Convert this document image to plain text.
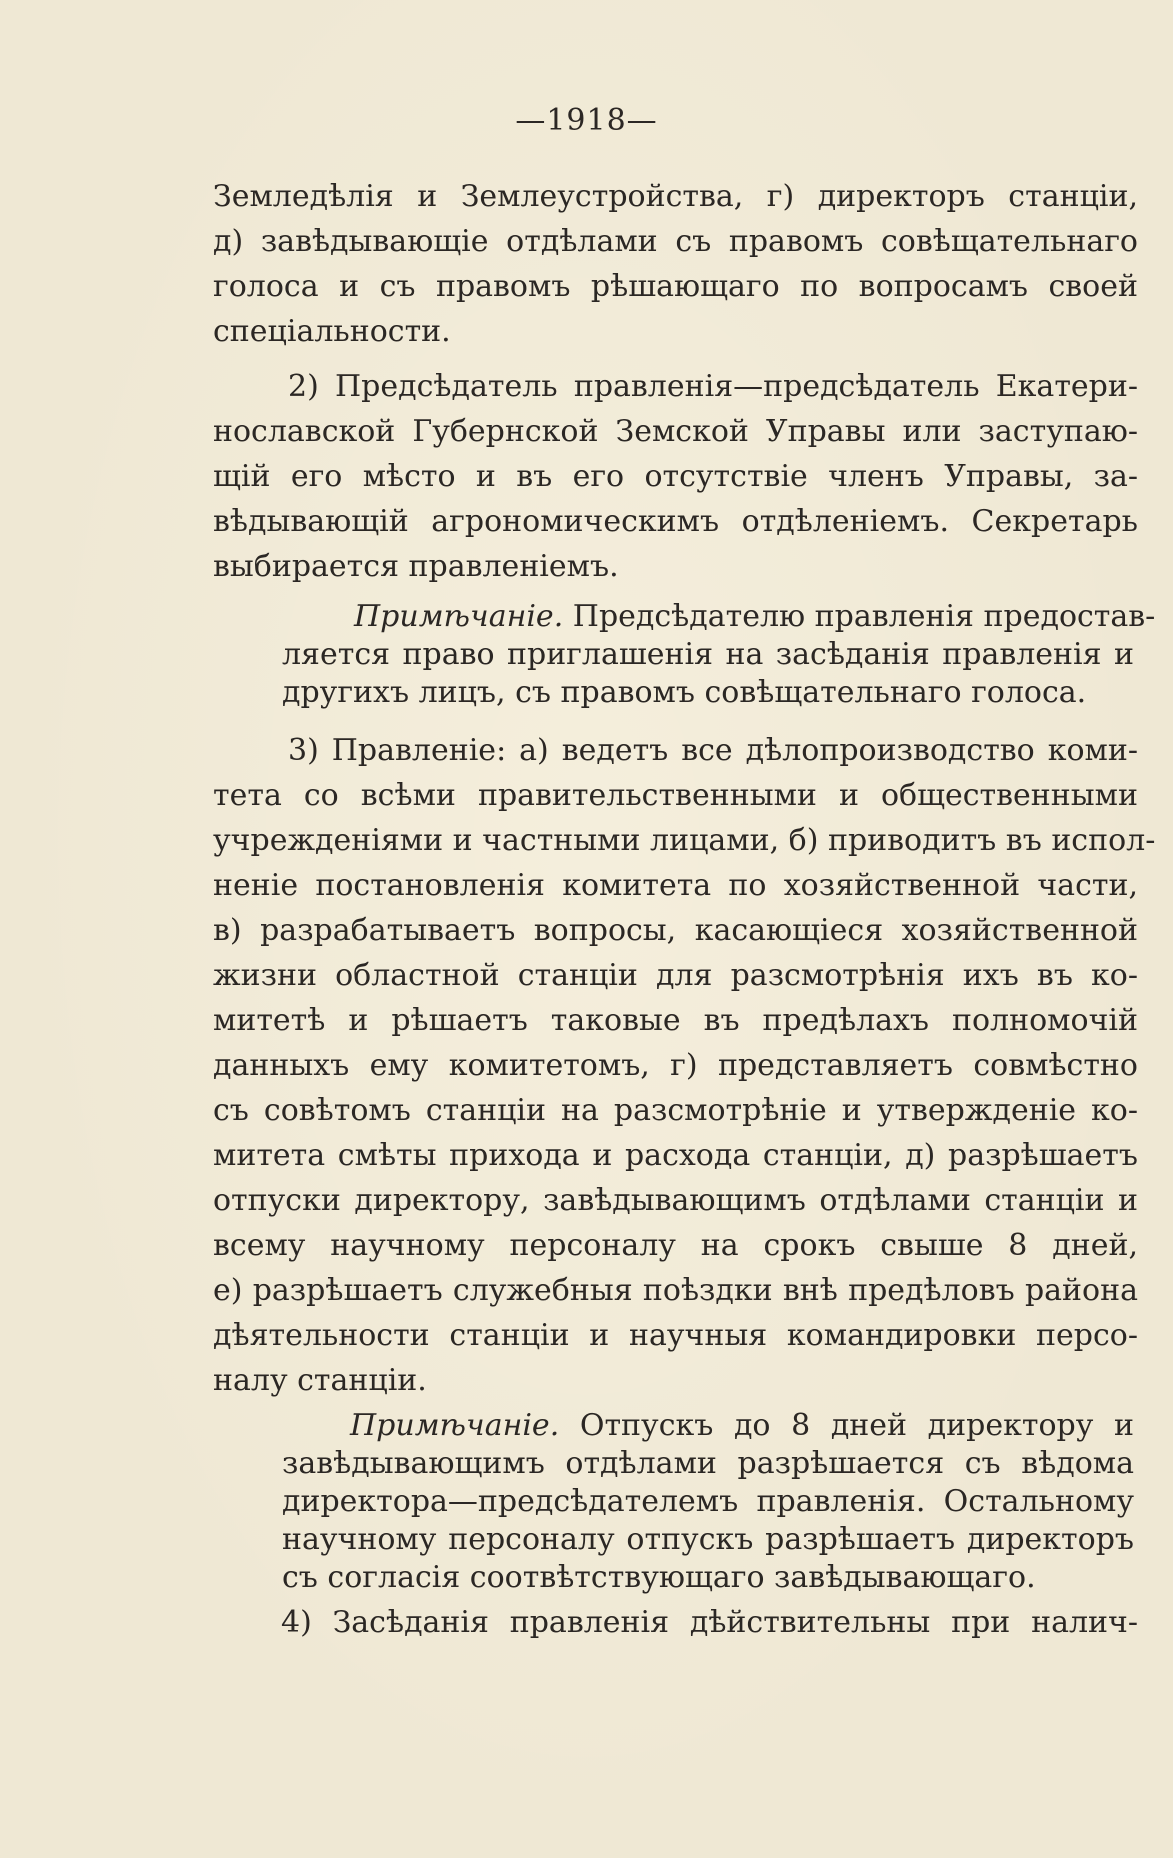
—1918—
Земледѣлія и Землеустройства, г) директоръ станціи,
д) завѣдывающіе отдѣлами съ правомъ совѣщательнаго
голоса и съ правомъ рѣшающаго по вопросамъ своей
спеціальности.
2) Предсѣдатель правленія—предсѣдатель Екатери-
нославской Губернской Земской Управы или заступаю-
щій его мѣсто и въ его отсутствіе членъ Управы, за-
вѣдывающій агрономическимъ отдѣленіемъ. Секретарь
выбирается правленіемъ.
Примѣчаніе. Предсѣдателю правленія предостав-
ляется право приглашенія на засѣданія правленія и
другихъ лицъ, съ правомъ совѣщательнаго голоса.
3) Правленіе: а) ведетъ все дѣлопроизводство коми-
тета со всѣми правительственными и общественными
учрежденіями и частными лицами, б) приводитъ въ испол-
неніе постановленія комитета по хозяйственной части,
в) разрабатываетъ вопросы, касающіеся хозяйственной
жизни областной станціи для разсмотрѣнія ихъ въ ко-
митетѣ и рѣшаетъ таковые въ предѣлахъ полномочій
данныхъ ему комитетомъ, г) представляетъ совмѣстно
съ совѣтомъ станціи на разсмотрѣніе и утвержденіе ко-
митета смѣты прихода и расхода станціи, д) разрѣшаетъ
отпуски директору, завѣдывающимъ отдѣлами станціи и
всему научному персоналу на срокъ свыше 8 дней,
е) разрѣшаетъ служебныя поѣздки внѣ предѣловъ района
дѣятельности станціи и научныя командировки персо-
налу станціи.
Примѣчаніе. Отпускъ до 8 дней директору и
завѣдывающимъ отдѣлами разрѣшается съ вѣдома
директора—предсѣдателемъ правленія. Остальному
научному персоналу отпускъ разрѣшаетъ директоръ
съ согласія соотвѣтствующаго завѣдывающаго.
4) Засѣданія правленія дѣйствительны при налич-
